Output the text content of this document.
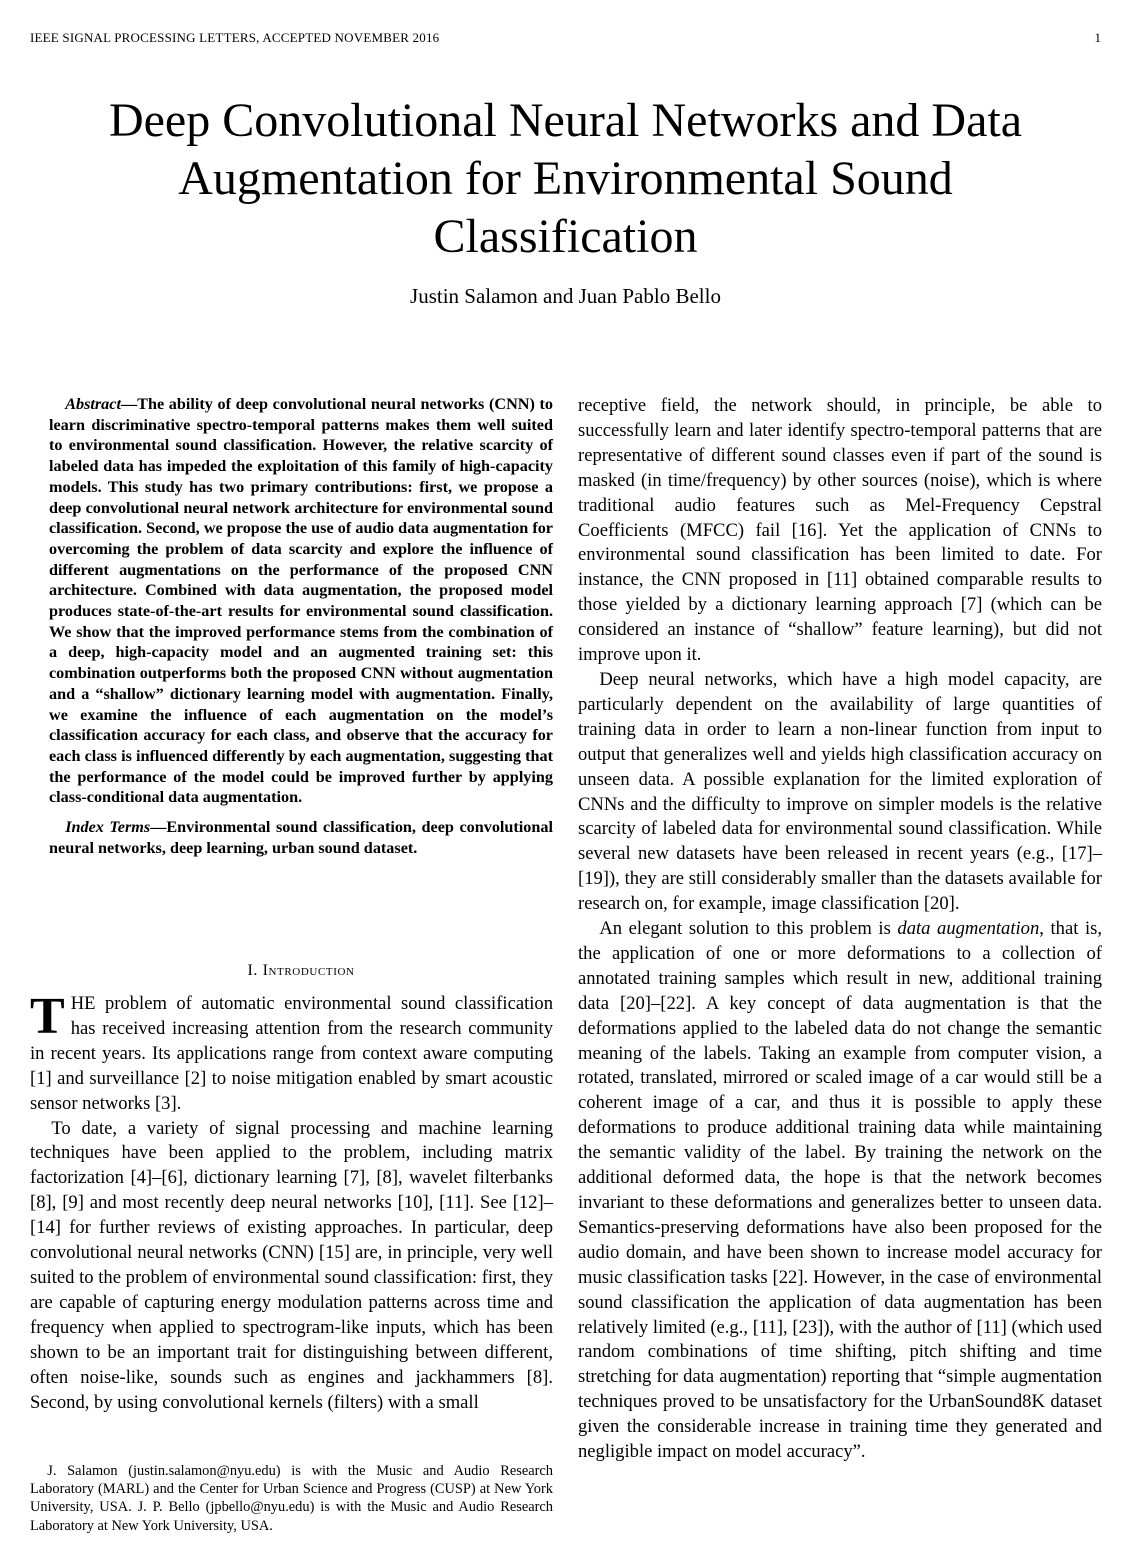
IEEE SIGNAL PROCESSING LETTERS, ACCEPTED NOVEMBER 2016	1
Deep Convolutional Neural Networks and Data
Augmentation for Environmental Sound
Classification
Justin Salamon and Juan Pablo Bello

Abstract—The ability of deep convolutional neural networks (CNN) to learn discriminative spectro-temporal patterns makes them well suited to environmental sound classification. However, the relative scarcity of labeled data has impeded the exploitation of this family of high-capacity models. This study has two primary contributions: first, we propose a deep convolutional neural network architecture for environmental sound classification. Second, we propose the use of audio data augmentation for overcoming the problem of data scarcity and explore the influence of different augmentations on the performance of the proposed CNN architecture. Combined with data augmentation, the proposed model produces state-of-the-art results for environmental sound classification. We show that the improved performance stems from the combination of a deep, high-capacity model and an augmented training set: this combination outperforms both the proposed CNN without augmentation and a “shallow” dictionary learning model with augmentation. Finally, we examine the influence of each augmentation on the model’s classification accuracy for each class, and observe that the accuracy for each class is influenced differently by each augmentation, suggesting that the performance of the model could be improved further by applying class-conditional data augmentation.

Index Terms—Environmental sound classification, deep convolutional neural networks, deep learning, urban sound dataset.

I. Introduction

THE problem of automatic environmental sound classification has received increasing attention from the research community in recent years. Its applications range from context aware computing [1] and surveillance [2] to noise mitigation enabled by smart acoustic sensor networks [3].

To date, a variety of signal processing and machine learning techniques have been applied to the problem, including matrix factorization [4]–[6], dictionary learning [7], [8], wavelet filterbanks [8], [9] and most recently deep neural networks [10], [11]. See [12]–[14] for further reviews of existing approaches. In particular, deep convolutional neural networks (CNN) [15] are, in principle, very well suited to the problem of environmental sound classification: first, they are capable of capturing energy modulation patterns across time and frequency when applied to spectrogram-like inputs, which has been shown to be an important trait for distinguishing between different, often noise-like, sounds such as engines and jackhammers [8]. Second, by using convolutional kernels (filters) with a small

J. Salamon (justin.salamon@nyu.edu) is with the Music and Audio Research Laboratory (MARL) and the Center for Urban Science and Progress (CUSP) at New York University, USA. J. P. Bello (jpbello@nyu.edu) is with the Music and Audio Research Laboratory at New York University, USA.

receptive field, the network should, in principle, be able to successfully learn and later identify spectro-temporal patterns that are representative of different sound classes even if part of the sound is masked (in time/frequency) by other sources (noise), which is where traditional audio features such as Mel-Frequency Cepstral Coefficients (MFCC) fail [16]. Yet the application of CNNs to environmental sound classification has been limited to date. For instance, the CNN proposed in [11] obtained comparable results to those yielded by a dictionary learning approach [7] (which can be considered an instance of “shallow” feature learning), but did not improve upon it.

Deep neural networks, which have a high model capacity, are particularly dependent on the availability of large quantities of training data in order to learn a non-linear function from input to output that generalizes well and yields high classification accuracy on unseen data. A possible explanation for the limited exploration of CNNs and the difficulty to improve on simpler models is the relative scarcity of labeled data for environmental sound classification. While several new datasets have been released in recent years (e.g., [17]–[19]), they are still considerably smaller than the datasets available for research on, for example, image classification [20].

An elegant solution to this problem is data augmentation, that is, the application of one or more deformations to a collection of annotated training samples which result in new, additional training data [20]–[22]. A key concept of data augmentation is that the deformations applied to the labeled data do not change the semantic meaning of the labels. Taking an example from computer vision, a rotated, translated, mirrored or scaled image of a car would still be a coherent image of a car, and thus it is possible to apply these deformations to produce additional training data while maintaining the semantic validity of the label. By training the network on the additional deformed data, the hope is that the network becomes invariant to these deformations and generalizes better to unseen data. Semantics-preserving deformations have also been proposed for the audio domain, and have been shown to increase model accuracy for music classification tasks [22]. However, in the case of environmental sound classification the application of data augmentation has been relatively limited (e.g., [11], [23]), with the author of [11] (which used random combinations of time shifting, pitch shifting and time stretching for data augmentation) reporting that “simple augmentation techniques proved to be unsatisfactory for the UrbanSound8K dataset given the considerable increase in training time they generated and negligible impact on model accuracy”.
